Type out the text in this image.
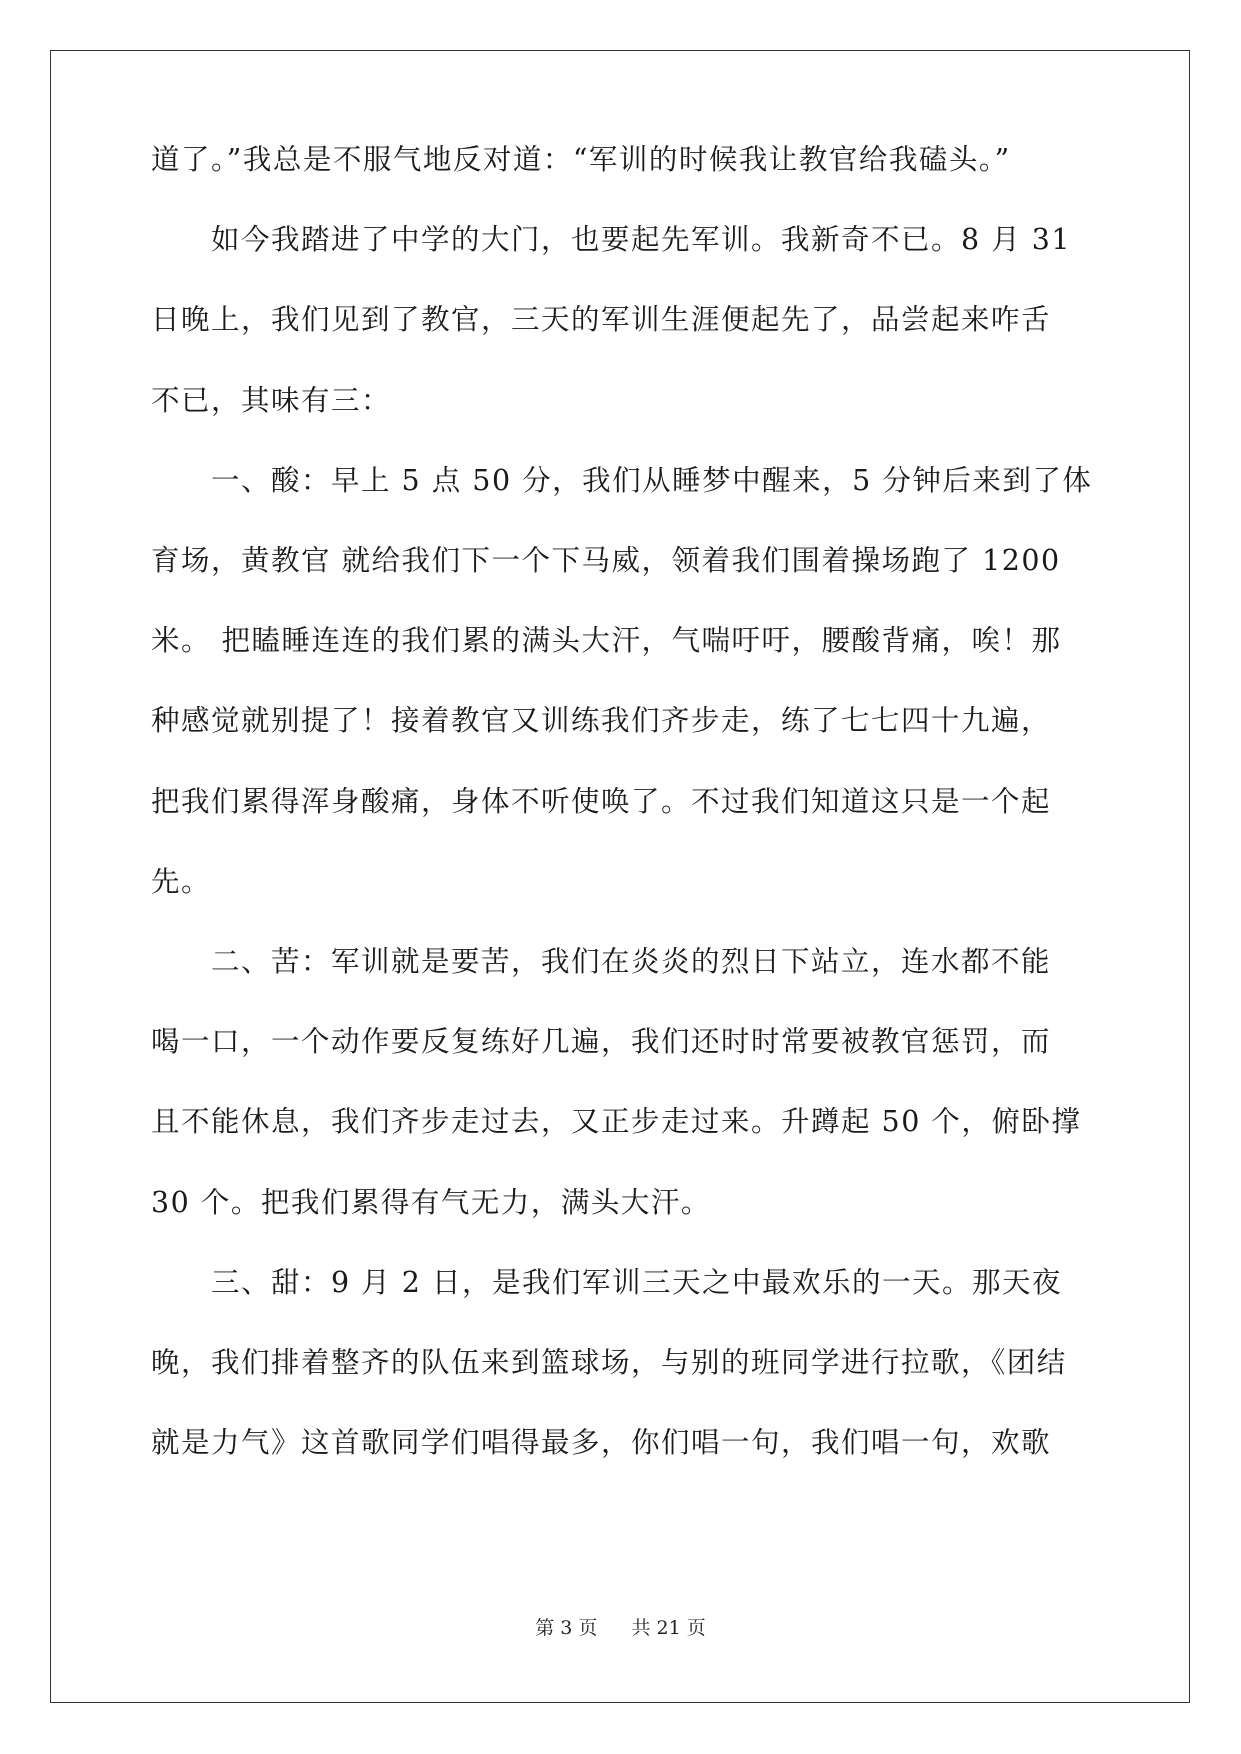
道了。”我总是不服气地反对道：“军训的时候我让教官给我磕头。”
　　如今我踏进了中学的大门，也要起先军训。我新奇不已。8 月 31
日晚上，我们见到了教官，三天的军训生涯便起先了，品尝起来咋舌
不已，其味有三：
　　一、酸：早上 5 点 50 分，我们从睡梦中醒来，5 分钟后来到了体
育场，黄教官 就给我们下一个下马威，领着我们围着操场跑了 1200
米。 把瞌睡连连的我们累的满头大汗，气喘吁吁，腰酸背痛，唉！那
种感觉就别提了！接着教官又训练我们齐步走，练了七七四十九遍，
把我们累得浑身酸痛，身体不听使唤了。不过我们知道这只是一个起
先。
　　二、苦：军训就是要苦，我们在炎炎的烈日下站立，连水都不能
喝一口，一个动作要反复练好几遍，我们还时时常要被教官惩罚，而
且不能休息，我们齐步走过去，又正步走过来。升蹲起 50 个，俯卧撑
30 个。把我们累得有气无力，满头大汗。
　　三、甜：9 月 2 日，是我们军训三天之中最欢乐的一天。那天夜
晚，我们排着整齐的队伍来到篮球场，与别的班同学进行拉歌，《团结
就是力气》这首歌同学们唱得最多，你们唱一句，我们唱一句，欢歌
第 3 页 共 21 页
